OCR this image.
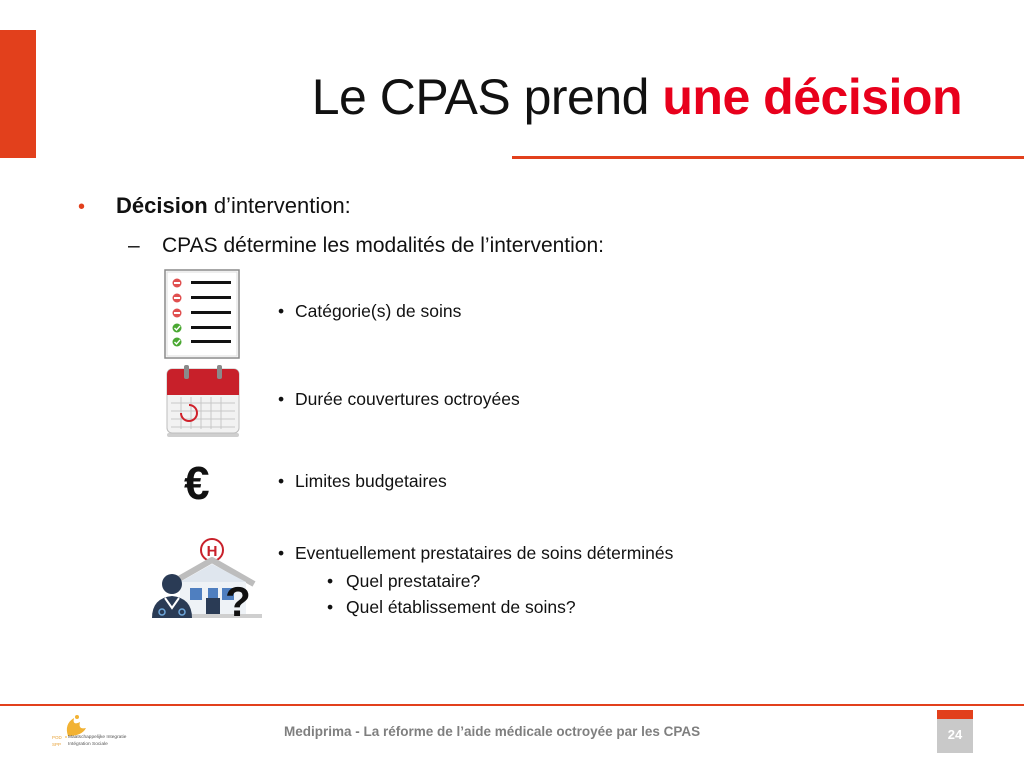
Le CPAS prend une décision
• Décision d’intervention:
– CPAS détermine les modalités de l’intervention:
€
H
?
• Catégorie(s) de soins
• Durée couvertures octroyées
• Limites budgetaires
• Eventuellement prestataires de soins déterminés
• Quel prestataire?
• Quel établissement de soins?
POD
SPP
Maatschappelijke Integratie
Intégration Sociale
Mediprima - La réforme de l’aide médicale octroyée par les CPAS	24
